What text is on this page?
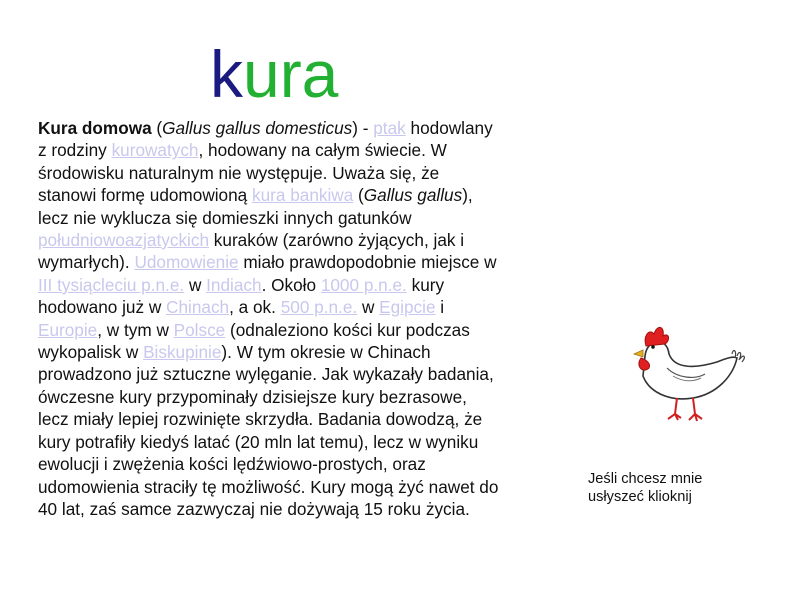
kura

Kura domowa (Gallus gallus domesticus) - ptak hodowlany
z rodziny kurowatych, hodowany na całym świecie. W
środowisku naturalnym nie występuje. Uważa się, że
stanowi formę udomowioną kura bankiwa (Gallus gallus),
lecz nie wyklucza się domieszki innych gatunków
południowoazjatyckich kuraków (zarówno żyjących, jak i
wymarłych). Udomowienie miało prawdopodobnie miejsce w
III tysiącleciu p.n.e. w Indiach. Około 1000 p.n.e. kury
hodowano już w Chinach, a ok. 500 p.n.e. w Egipcie i
Europie, w tym w Polsce (odnaleziono kości kur podczas
wykopalisk w Biskupinie). W tym okresie w Chinach
prowadzono już sztuczne wylęganie. Jak wykazały badania,
ówczesne kury przypominały dzisiejsze kury bezrasowe,
lecz miały lepiej rozwinięte skrzydła. Badania dowodzą, że
kury potrafiły kiedyś latać (20 mln lat temu), lecz w wyniku
ewolucji i zwężenia kości lędźwiowo-prostych, oraz
udomowienia straciły tę możliwość. Kury mogą żyć nawet do
40 lat, zaś samce zazwyczaj nie dożywają 15 roku życia.

Jeśli chcesz mnie
usłyszeć klioknij
